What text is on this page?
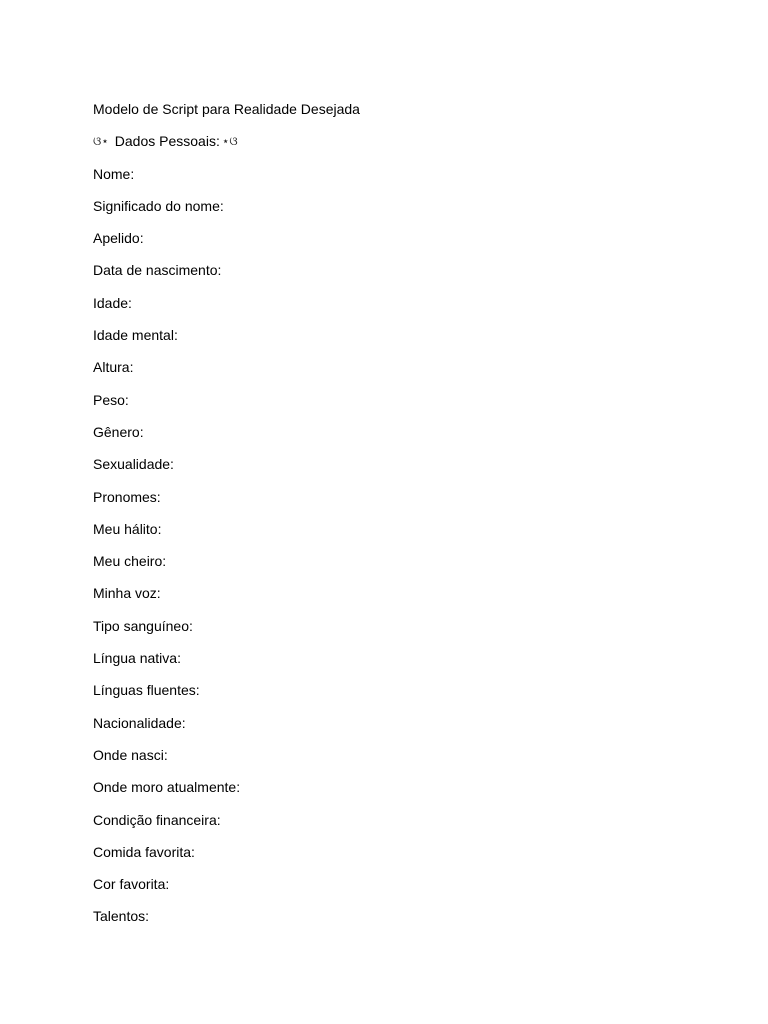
Modelo de Script para Realidade Desejada
ଓ⋆ Dados Pessoais: ⋆ଓ
Nome:
Significado do nome:
Apelido:
Data de nascimento:
Idade:
Idade mental:
Altura:
Peso:
Gênero:
Sexualidade:
Pronomes:
Meu hálito:
Meu cheiro:
Minha voz:
Tipo sanguíneo:
Língua nativa:
Línguas fluentes:
Nacionalidade:
Onde nasci:
Onde moro atualmente:
Condição financeira:
Comida favorita:
Cor favorita:
Talentos:
